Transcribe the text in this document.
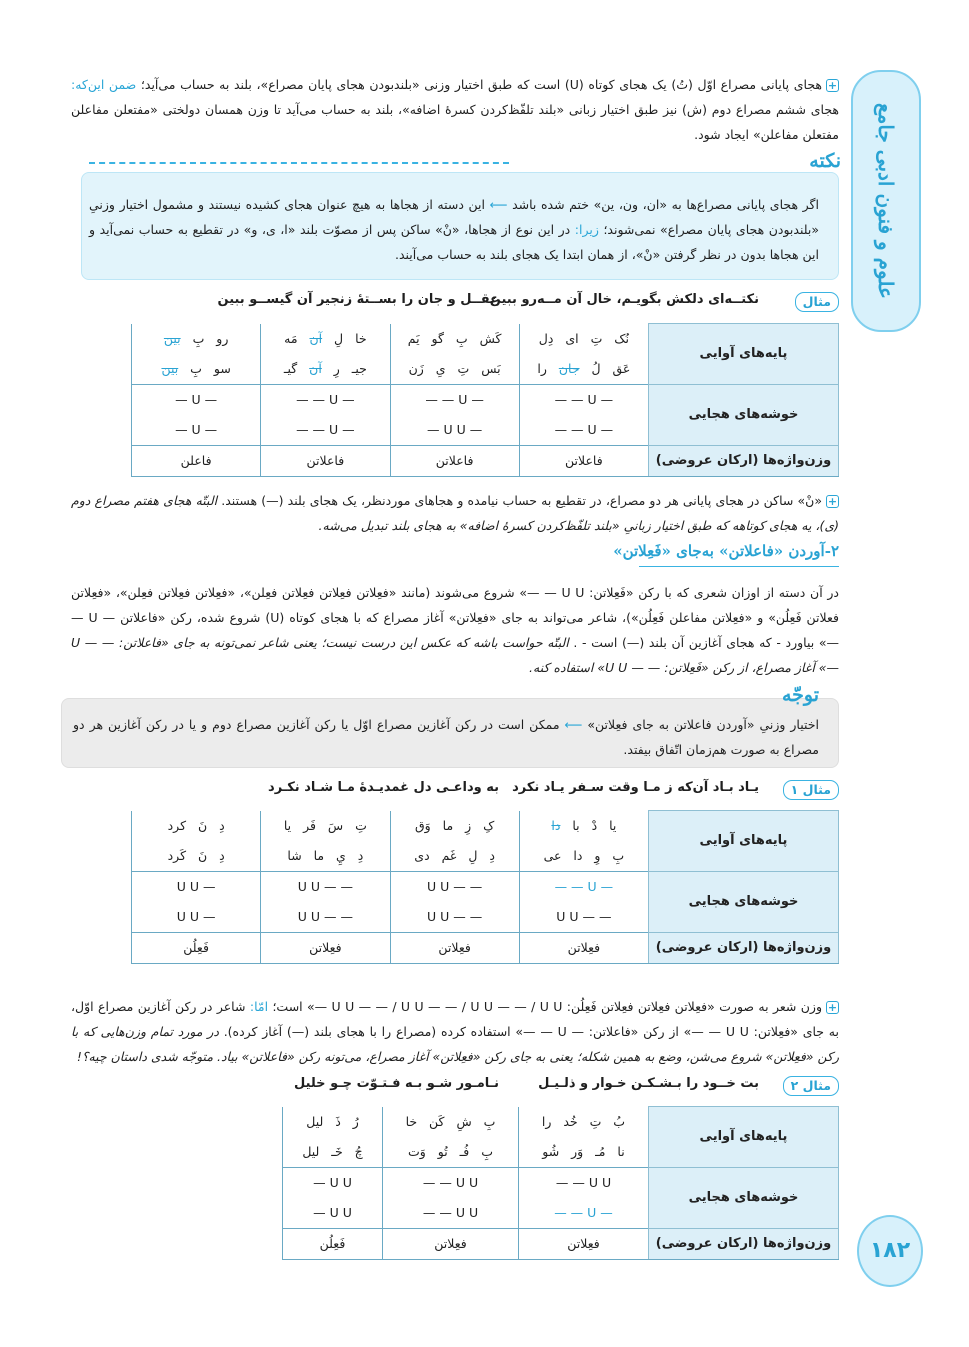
علوم و فنون ادبی جامع
+هجای پایانی مصراع اوّل (تُ) یک هجای کوتاه (U) است که طبق اختیار وزنی «بلندبودن هجای پایان مصراع»، بلند به حساب می‌آید؛ ضمن این‌که: هجای ششم مصراع دوم (ش) نیز طبق اختیار زبانی «بلند تلفّظ‌کردن کسرهٔ اضافه»، بلند به حساب می‌آید تا وزن همسان دولختی «مفتعلن مفاعلن مفتعلن مفاعلن» ایجاد شود.
نکته
اگر هجای پایانی مصراع‌ها به «ان، ون، ین» ختم شده باشد ⟵ این دسته از هجاها به هیچ عنوان هجای کشیده نیستند و مشمول اختیار وزنیِ «بلندبودن هجای پایان مصراع» نمی‌شوند؛ زیرا: در این نوع از هجاها، «نْ» ساکن پس از مصوّت بلند «ا، ی، و» در تقطیع به حساب نمی‌آید و این هجاها بدون در نظر گرفتن «نْ»، از همان ابتدا یک هجای بلند به حساب می‌آیند.
مثال
نکتــه‌ای دلکش بگویـم، خال آن مــه‌رو ببین
عقــل و جان را بســتهٔ زنجیر آن گیســو ببین
پایه‌های آوایی	نُک   تِ   ای   دِل	کَش   بِ   گو   یَم	خا   لِ   آن   مَه	رو   بِ   بین
	عَق   لُ   جان   را	بَس   تِ   یِ   زَن	جیـ   رِ   آن   گیـ	سو   بِ   بین
خوشه‌های هجایی	— U — —	— U — —	— U — —	— U —
	— U — —	— U U —	— U — —	— U —
وزن‌واژه‌ها (ارکان عروضی)	فاعلاتن	فاعلاتن	فاعلاتن	فاعلن
+«نْ» ساکن در هجای پایانی هر دو مصراع، در تقطیع به حساب نیامده و هجاهای موردنظر، یک هجای بلند (—) هستند. البتّه هجای هفتم مصراع دوم (ی)، یه هجای کوتاهه که طبق اختیار زبانیِ «بلند تلفّظ‌کردن کسرهٔ اضافه» به هجای بلند تبدیل می‌شه.
۲-آوردن «فاعلاتن» به‌جای «فَعِلاتن»
در آن دسته از اوزان شعری که با رکن «فَعِلاتن: U U — —» شروع می‌شوند (مانند «فعِلاتن فعِلاتن فعِلاتن فعِلن»، «فعِلاتن فعِلاتن فعِلن»، «فعِلاتن فعلاتن فَعِلُن» و «فعِلاتن مفاعلن فَعِلُن»)، شاعر می‌تواند به جای «فعِلاتن» آغاز مصراع که با هجای کوتاه (U) شروع شده، رکن «فاعلاتن — U — —» بیاورد - که هجای آغازین آن بلند (—) است - . البتّه حواست باشه که عکس این درست نیست؛ یعنی شاعر نمی‌تونه به جای «فاعلاتن: — — U —» آغاز مصراع، از رکن «فَعِلاتن: — — U U» استفاده کنه.
توجّه
اختیار وزنیِ «آوردن فاعلاتن به جای فعِلاتن» ⟵ ممکن است در رکن آغازین مصراع اوّل یا رکن آغازین مصراع دوم و یا در رکن آغازین هر دو مصراع به صورت هم‌زمان اتّفاق بیفتد.
مثال ۱
یـاد بـاد آن‌که ز مـا وقت سـفر یـاد نکرد
به وداعـی دل غمدیـدهٔ مـا شـاد نکـرد
پایه‌های آوایی	یا   دْ   با   دا	کِ   زِ   ما   وَق	تِ   سَ   فَر   یا	دِ   نَ   کرد
	بِ   وِ   دا   عی	دِ   لِ   غَم   دی	دِ   يِ   ما   شا	دِ   نَ   کَرد
خوشه‌های هجایی	— U — —	— — U U	— — U U	— U U
	— — U U	— — U U	— — U U	— U U
وزن‌واژه‌ها (ارکان عروضی)	فعِلاتن	فعِلاتن	فعِلاتن	فَعِلُن
+وزن شعر به صورت «فعِلاتن فعِلاتن فعِلاتن فَعِلُن: U U — — / U U — — / U U — — / U U —» است؛ امّا: شاعر در رکن آغازین مصراع اوّل، به جای «فعِلاتن: U U — —» از رکن «فاعلاتن: — U — —» استفاده کرده (مصراع را با هجای بلند (—) آغاز کرده). در مورد تمام وزن‌هایی که با رکن «فعِلاتن» شروع می‌شن، وضع به همین شکله؛ یعنی به جای رکن «فعِلاتن» آغاز مصراع، می‌تونه رکن «فاعلاتن» بیاد. متوجّه شدی داستان چیه؟!
مثال ۲
بت خــود را بـشـکـن خـوار و ذلـیـل
نـامـور شـو بـه فـتـوّت چـو خلیل
پایه‌های آوایی	بُ   تِ   خُد   را	بِ   شِ   کَن   خا	رُ   ذَ   لیل	
	نا   مُـ   وَر   شُو	بِ   فُـ   تُو   وَت	چُ   خَـ   لیل	
خوشه‌های هجایی	U U — —	U U — —	U U —	
	— U — —	U U — —	U U —	
وزن‌واژه‌ها (ارکان عروضی)	فعِلاتن	فعِلاتن	فَعِلُن		۱۸۲
